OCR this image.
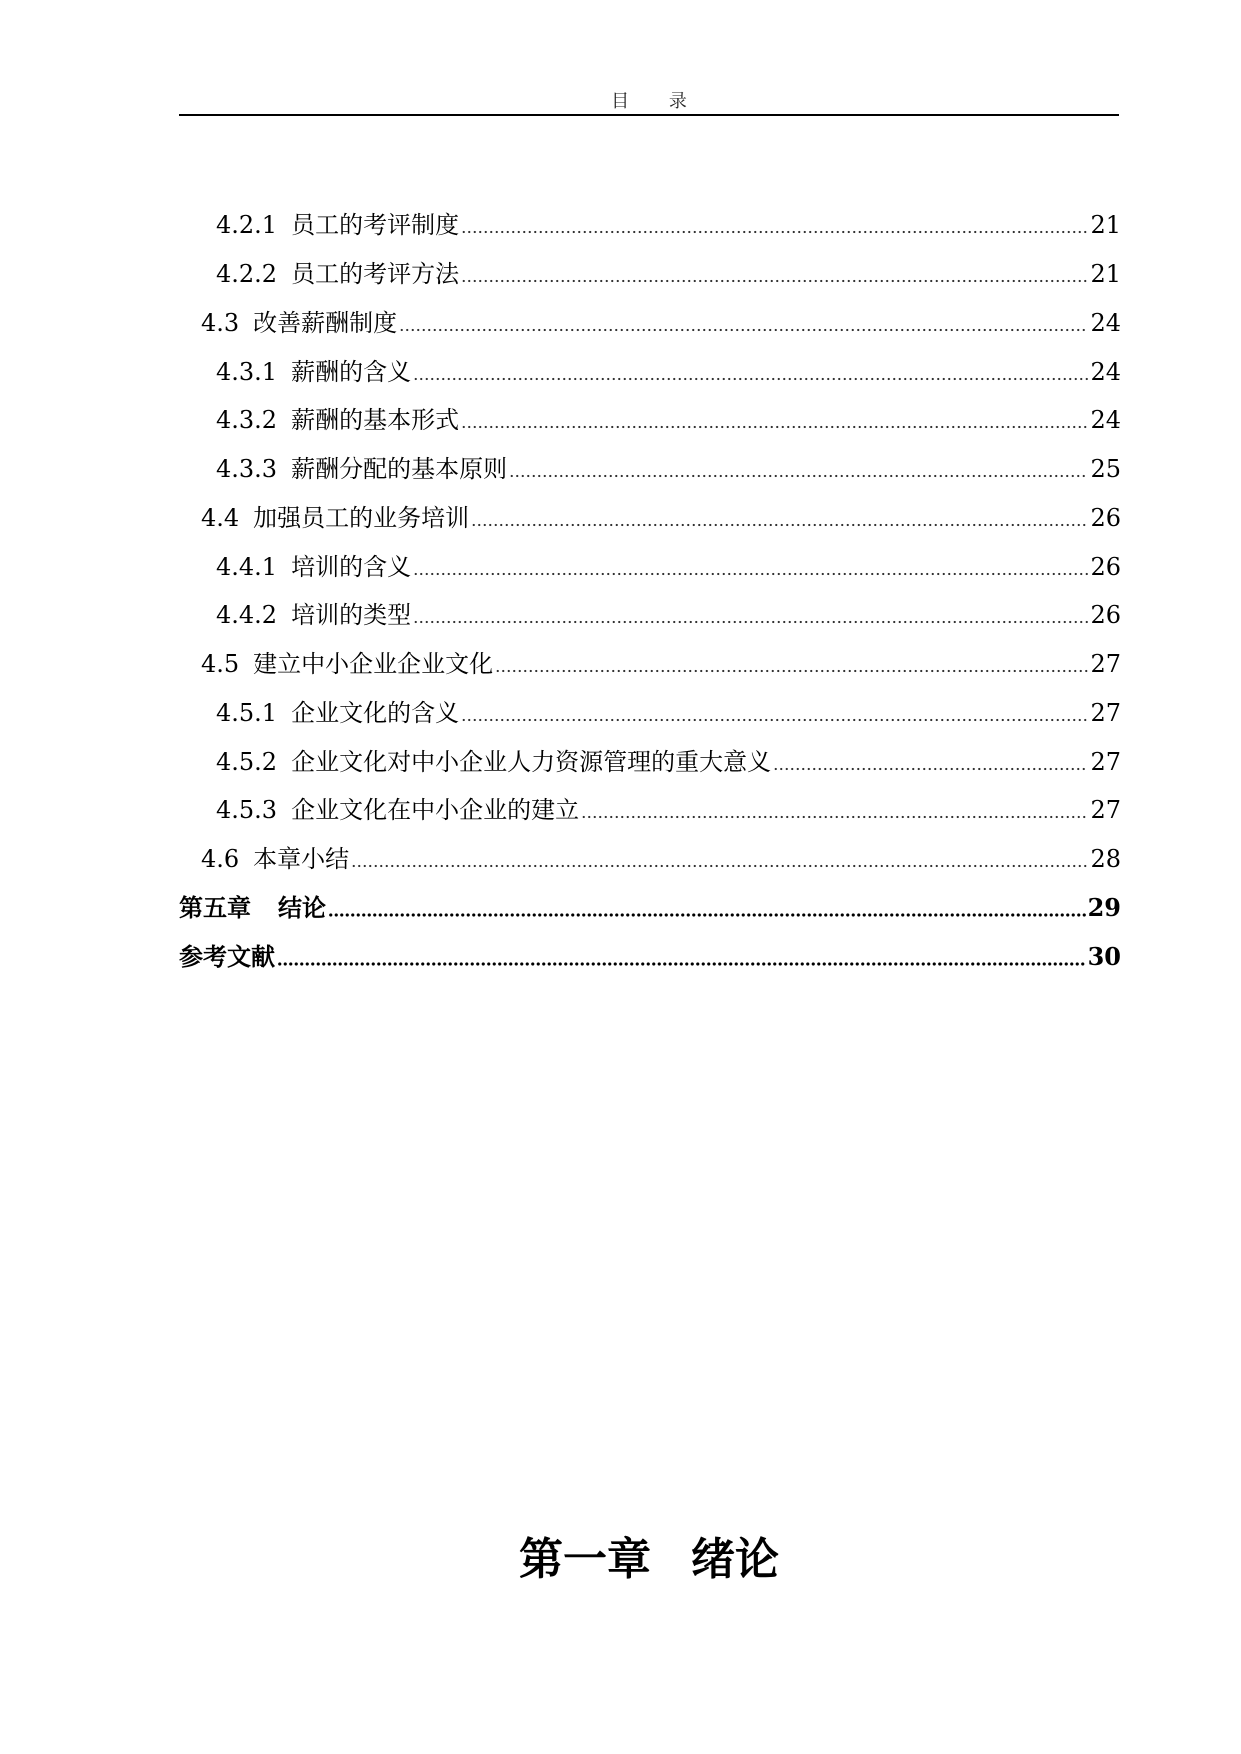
目 录
4.2.1 员工的考评制度	21
4.2.2 员工的考评方法	21
4.3 改善薪酬制度	24
4.3.1 薪酬的含义	24
4.3.2 薪酬的基本形式	24
4.3.3 薪酬分配的基本原则	25
4.4 加强员工的业务培训	26
4.4.1 培训的含义	26
4.4.2 培训的类型	26
4.5 建立中小企业企业文化	27
4.5.1 企业文化的含义	27
4.5.2 企业文化对中小企业人力资源管理的重大意义	27
4.5.3 企业文化在中小企业的建立	27
4.6 本章小结	28
第五章 结论	29
参考文献	30
第一章 绪论
